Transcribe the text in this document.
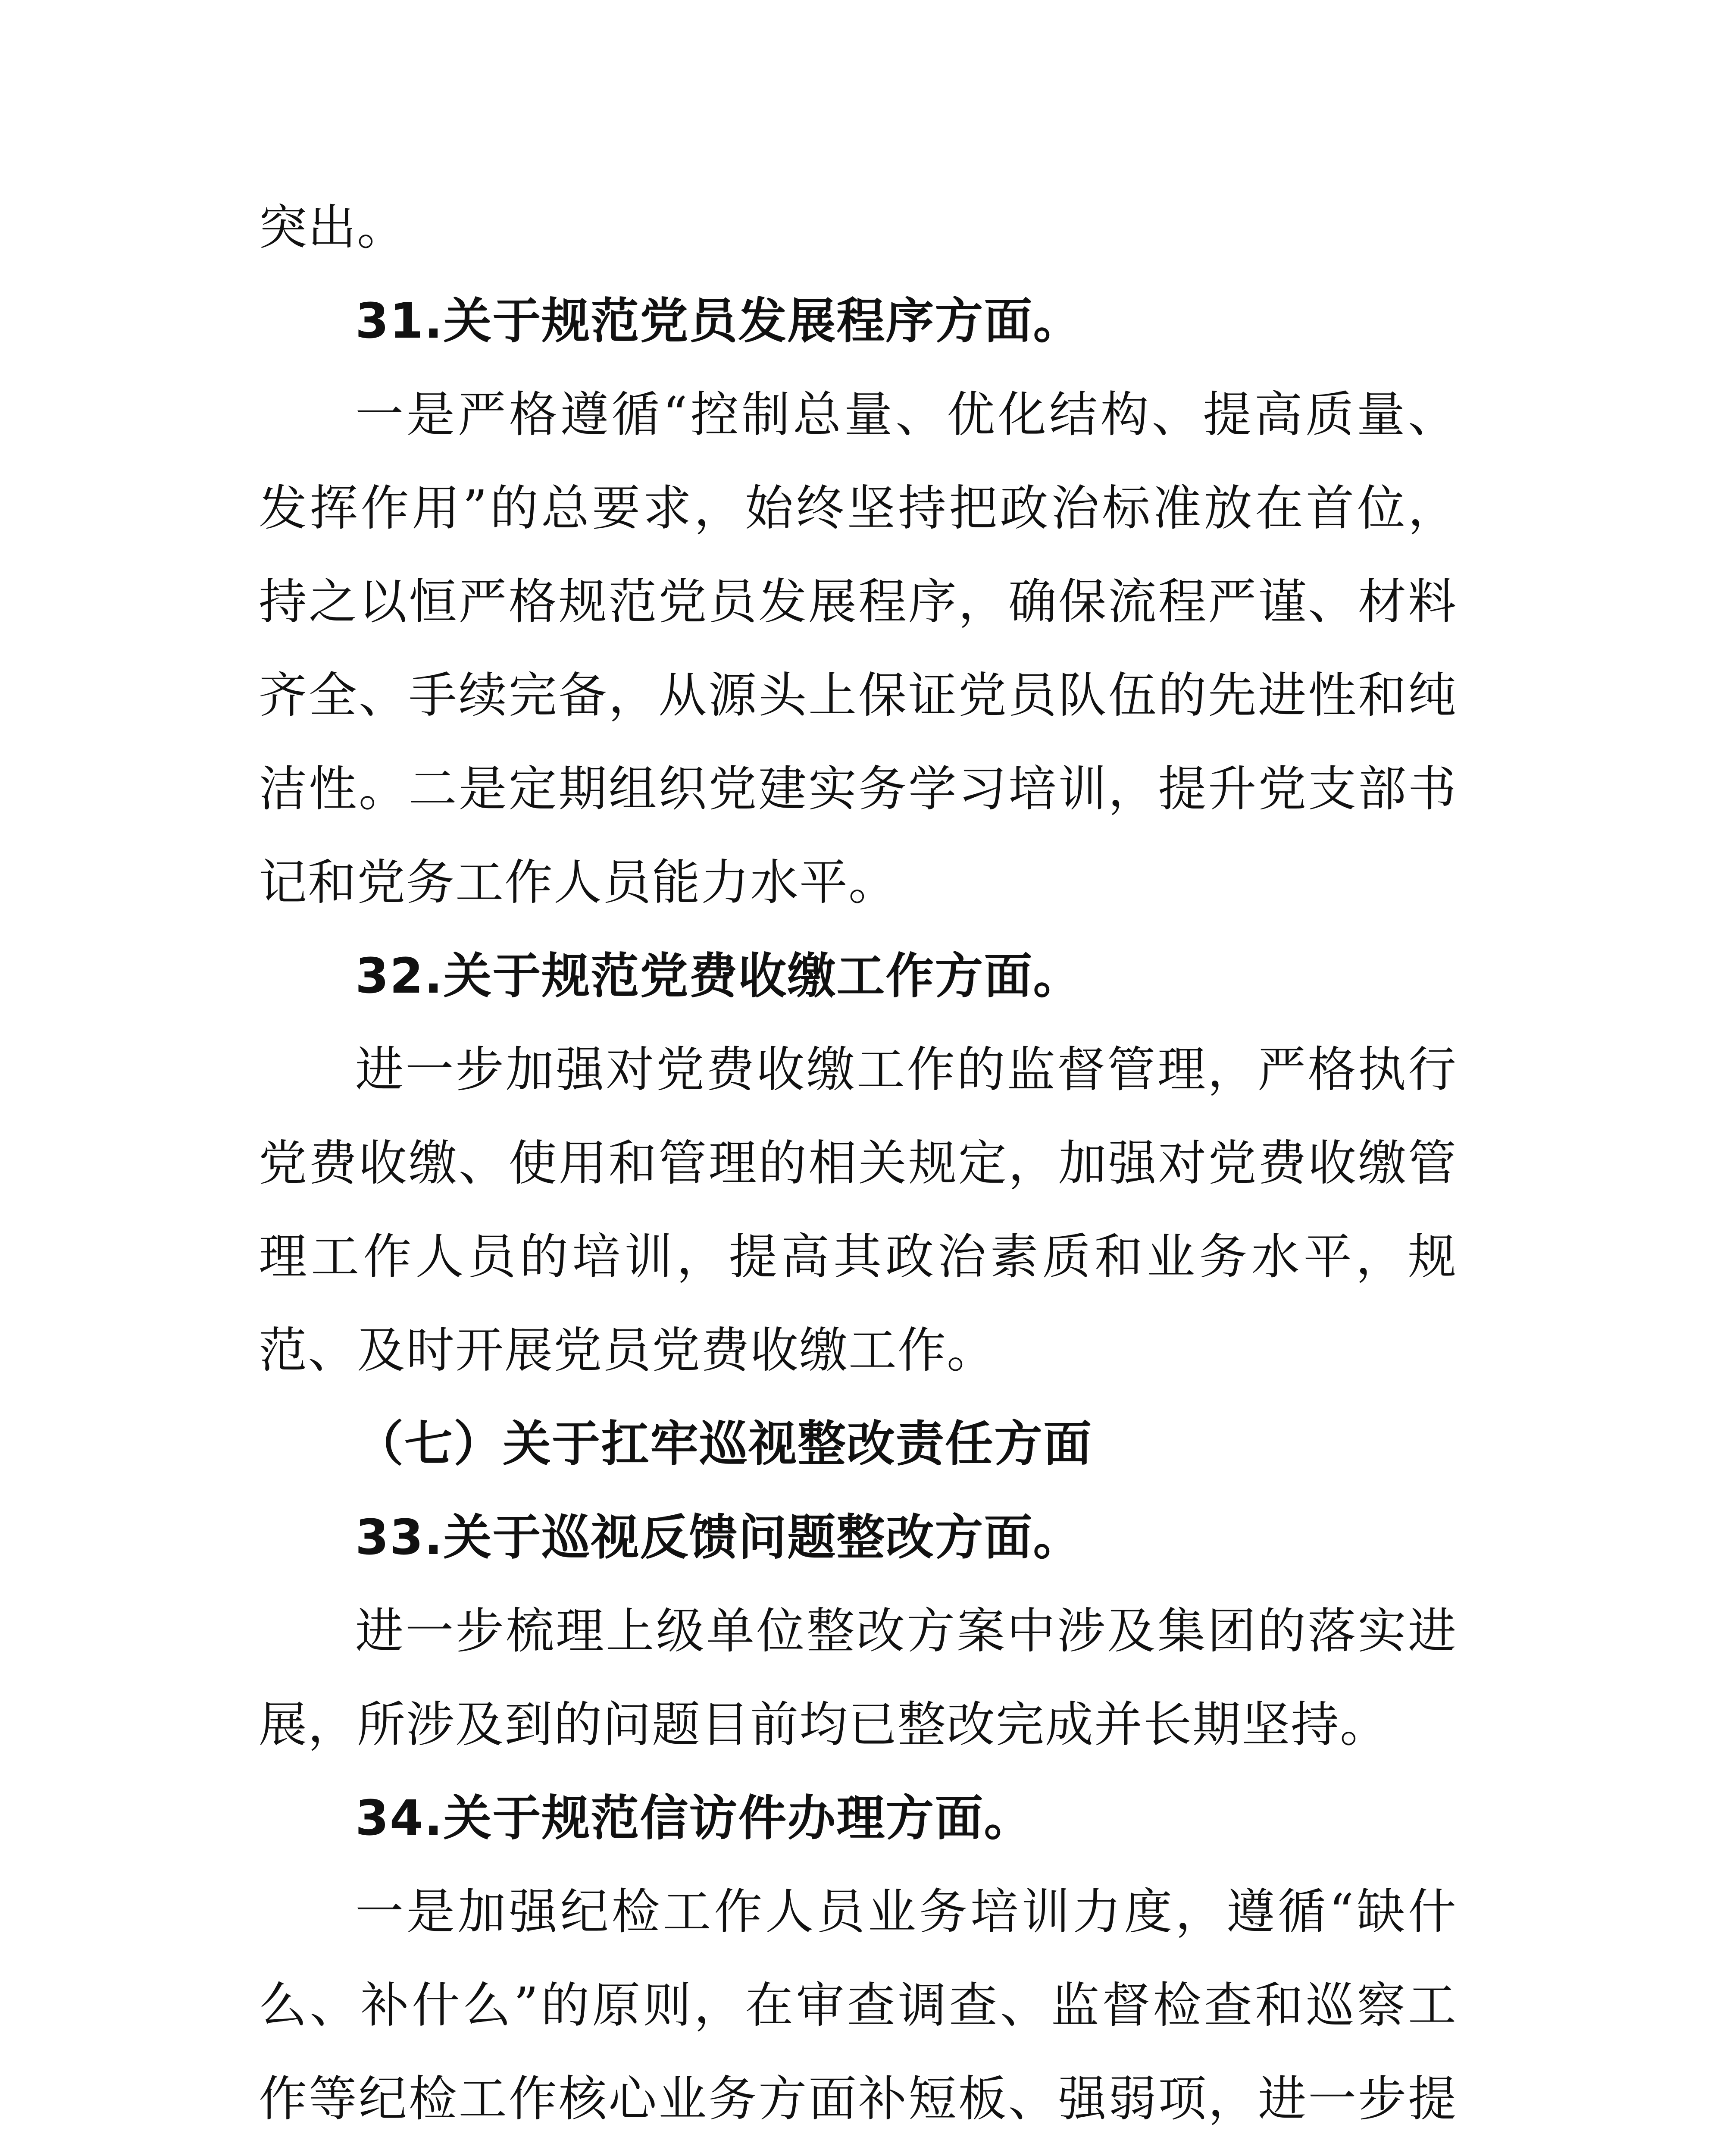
突出。

31.关于规范党员发展程序方面。

一是严格遵循“控制总量、优化结构、提高质量、发挥作用”的总要求，始终坚持把政治标准放在首位，持之以恒严格规范党员发展程序，确保流程严谨、材料齐全、手续完备，从源头上保证党员队伍的先进性和纯洁性。二是定期组织党建实务学习培训，提升党支部书记和党务工作人员能力水平。

32.关于规范党费收缴工作方面。

进一步加强对党费收缴工作的监督管理，严格执行党费收缴、使用和管理的相关规定，加强对党费收缴管理工作人员的培训，提高其政治素质和业务水平，规范、及时开展党员党费收缴工作。

（七）关于扛牢巡视整改责任方面

33.关于巡视反馈问题整改方面。

进一步梳理上级单位整改方案中涉及集团的落实进展，所涉及到的问题目前均已整改完成并长期坚持。

34.关于规范信访件办理方面。

一是加强纪检工作人员业务培训力度，遵循“缺什么、补什么”的原则，在审查调查、监督检查和巡察工作等纪检工作核心业务方面补短板、强弱项，进一步提
